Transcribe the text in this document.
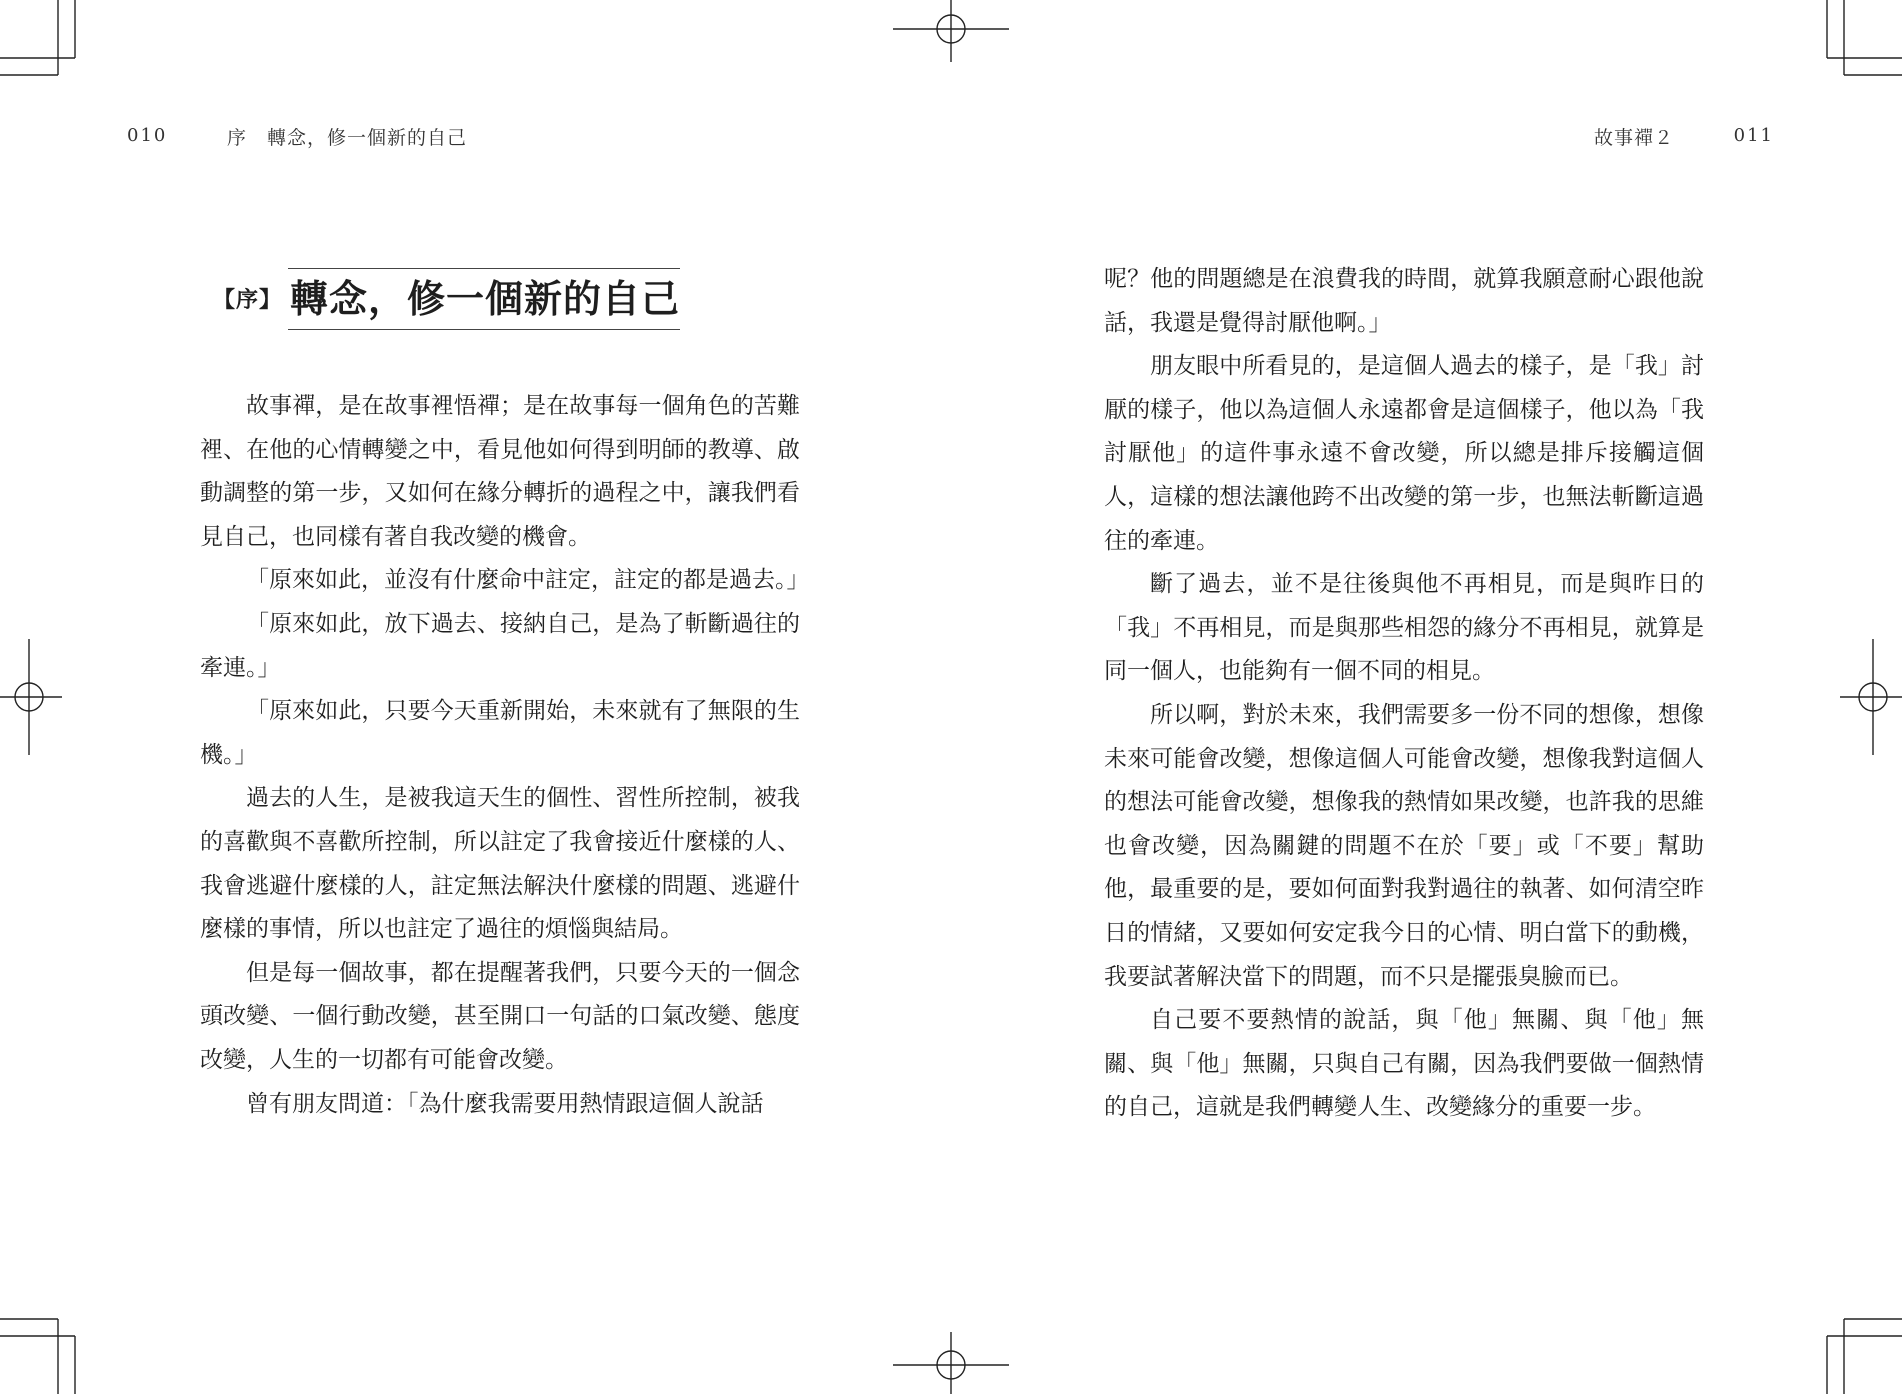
010	序　轉念，修一個新的自己	故事禪２	011
【序】 轉念，修一個新的自己

故事禪，是在故事裡悟禪；是在故事每一個角色的苦難裡、在他的心情轉變之中，看見他如何得到明師的教導、啟動調整的第一步，又如何在緣分轉折的過程之中，讓我們看見自己，也同樣有著自我改變的機會。

「原來如此，並沒有什麼命中註定，註定的都是過去。」

「原來如此，放下過去、接納自己，是為了斬斷過往的牽連。」

「原來如此，只要今天重新開始，未來就有了無限的生機。」

過去的人生，是被我這天生的個性、習性所控制，被我的喜歡與不喜歡所控制，所以註定了我會接近什麼樣的人、我會逃避什麼樣的人，註定無法解決什麼樣的問題、逃避什麼樣的事情，所以也註定了過往的煩惱與結局。

但是每一個故事，都在提醒著我們，只要今天的一個念頭改變、一個行動改變，甚至開口一句話的口氣改變、態度改變，人生的一切都有可能會改變。

曾有朋友問道：「為什麼我需要用熱情跟這個人說話

呢？他的問題總是在浪費我的時間，就算我願意耐心跟他說話，我還是覺得討厭他啊。」

朋友眼中所看見的，是這個人過去的樣子，是「我」討厭的樣子，他以為這個人永遠都會是這個樣子，他以為「我討厭他」的這件事永遠不會改變，所以總是排斥接觸這個人，這樣的想法讓他跨不出改變的第一步，也無法斬斷這過往的牽連。

斷了過去，並不是往後與他不再相見，而是與昨日的「我」不再相見，而是與那些相怨的緣分不再相見，就算是同一個人，也能夠有一個不同的相見。

所以啊，對於未來，我們需要多一份不同的想像，想像未來可能會改變，想像這個人可能會改變，想像我對這個人的想法可能會改變，想像我的熱情如果改變，也許我的思維也會改變，因為關鍵的問題不在於「要」或「不要」幫助他，最重要的是，要如何面對我對過往的執著、如何清空昨日的情緒，又要如何安定我今日的心情、明白當下的動機，我要試著解決當下的問題，而不只是擺張臭臉而已。

自己要不要熱情的說話，與「他」無關、與「他」無關、與「他」無關，只與自己有關，因為我們要做一個熱情的自己，這就是我們轉變人生、改變緣分的重要一步。
